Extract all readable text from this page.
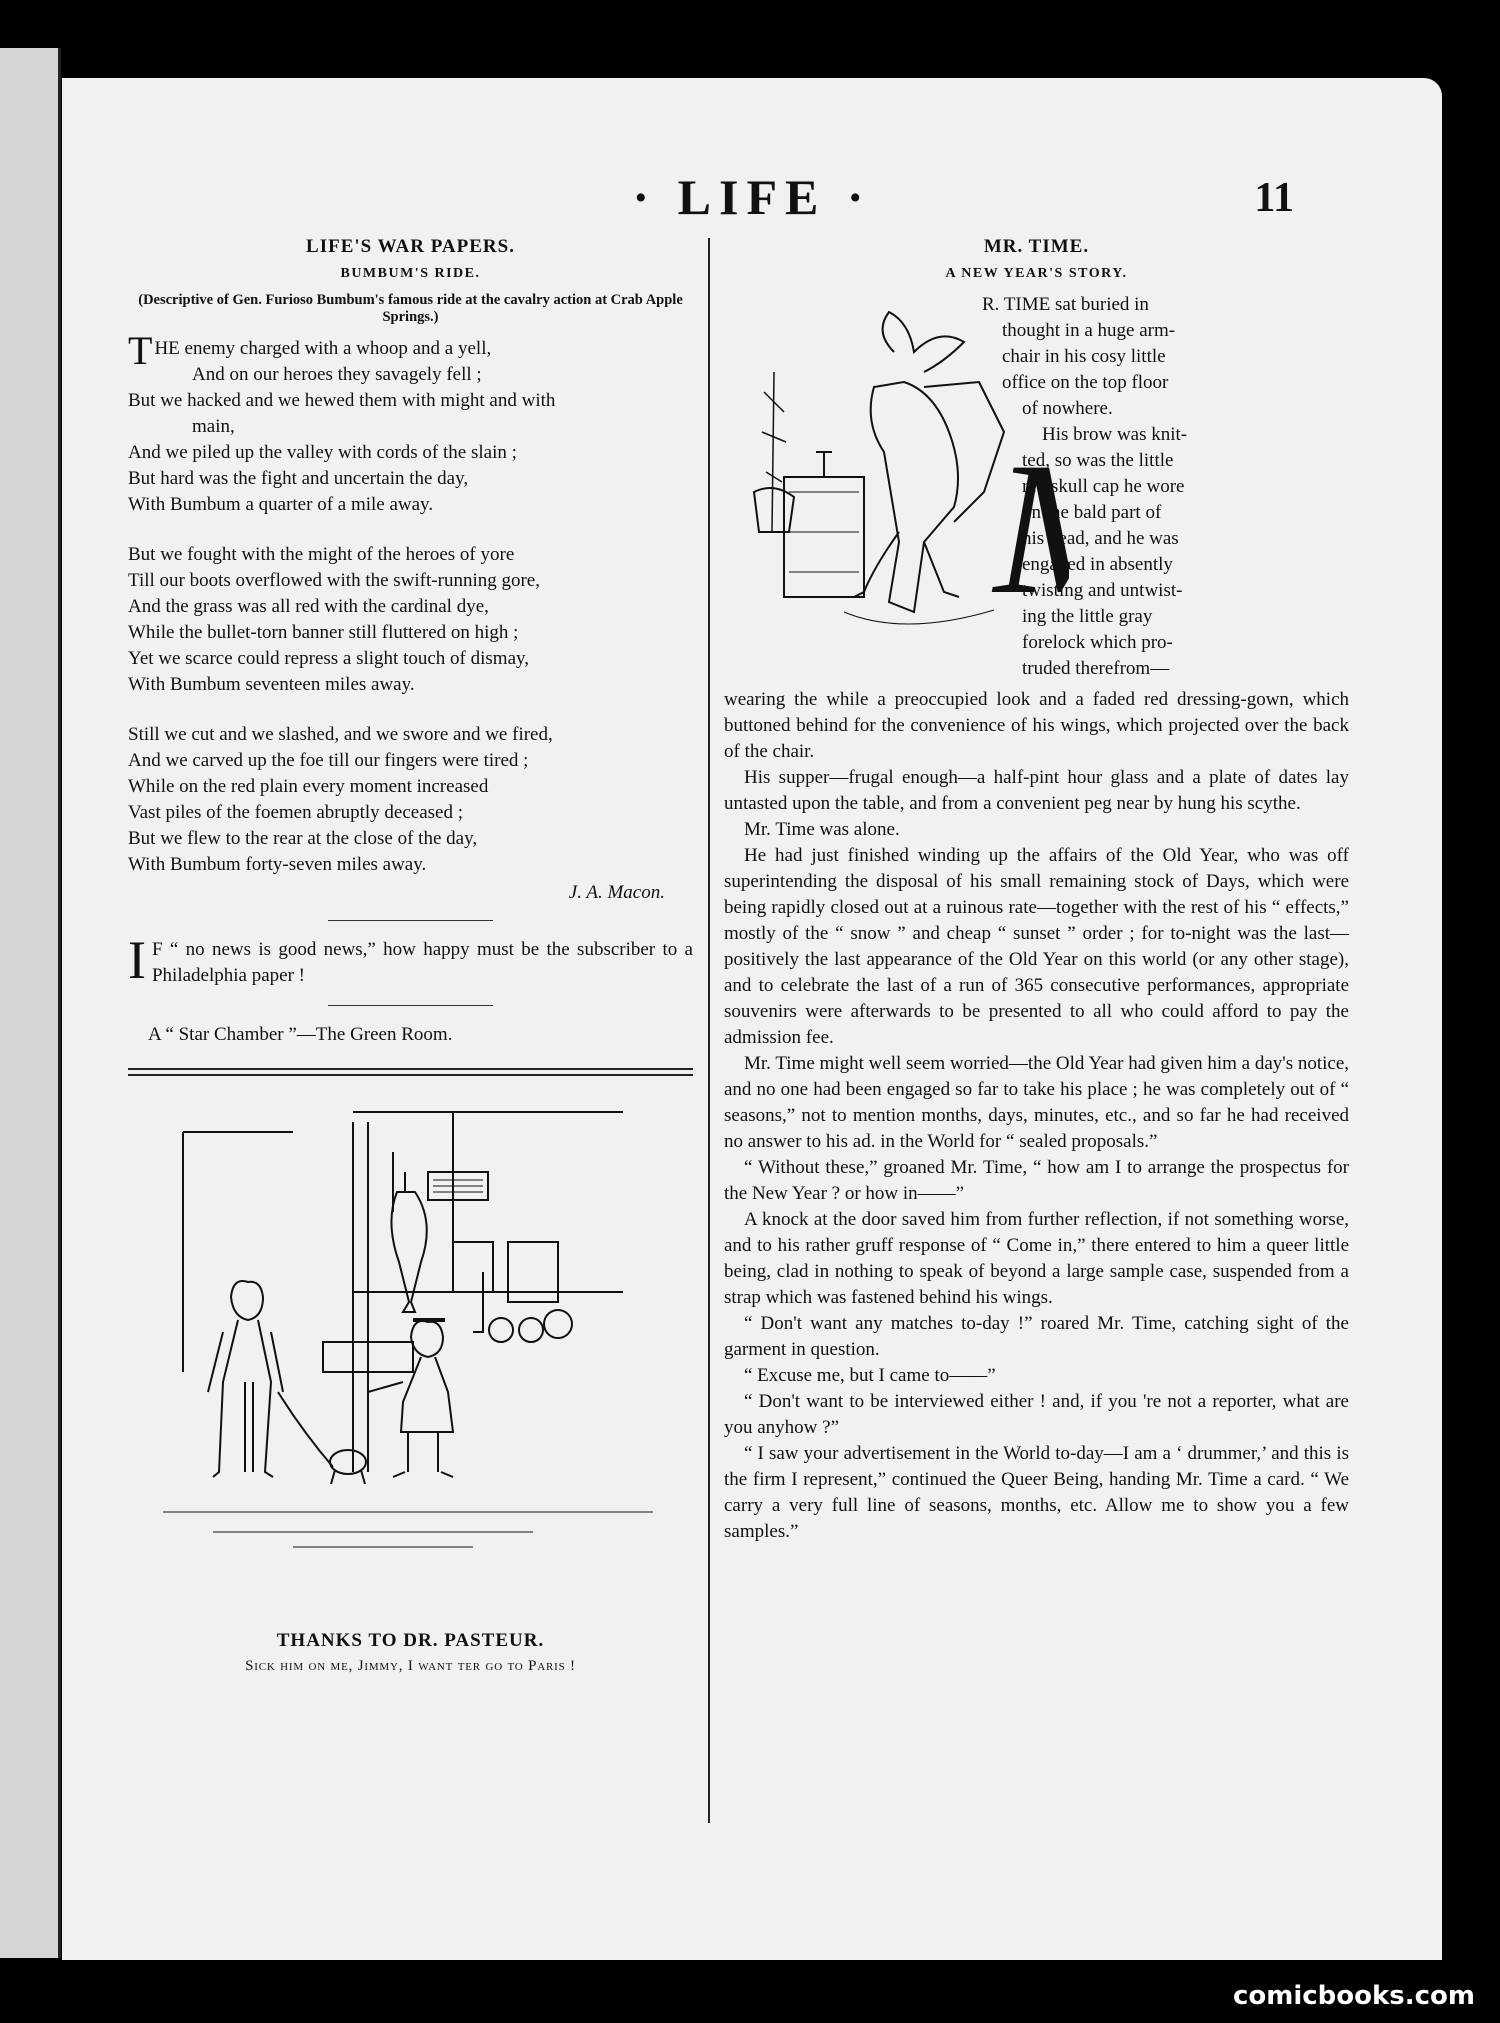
· LIFE ·	11
LIFE'S WAR PAPERS.
BUMBUM'S RIDE.
(Descriptive of Gen. Furioso Bumbum's famous ride at the cavalry action at Crab Apple Springs.)
THE enemy charged with a whoop and a yell,
And on our heroes they savagely fell ;
But we hacked and we hewed them with might and with
main,
And we piled up the valley with cords of the slain ;
But hard was the fight and uncertain the day,
With Bumbum a quarter of a mile away.
But we fought with the might of the heroes of yore
Till our boots overflowed with the swift-running gore,
And the grass was all red with the cardinal dye,
While the bullet-torn banner still fluttered on high ;
Yet we scarce could repress a slight touch of dismay,
With Bumbum seventeen miles away.
Still we cut and we slashed, and we swore and we fired,
And we carved up the foe till our fingers were tired ;
While on the red plain every moment increased
Vast piles of the foemen abruptly deceased ;
But we flew to the rear at the close of the day,
With Bumbum forty-seven miles away.
J. A. Macon.
I F “ no news is good news,” how happy must be the subscriber to a Philadelphia paper !
A “ Star Chamber ”—The Green Room.
THANKS TO DR. PASTEUR.
Sick him on me, Jimmy, I want ter go to Paris !
MR. TIME.
A NEW YEAR'S STORY.
R. TIME sat buried in
thought in a huge arm-
chair in his cosy little
office on the top floor
of nowhere.
His brow was knit-
ted, so was the little
red skull cap he wore
on the bald part of
his head, and he was
engaged in absently
twisting and untwist-
ing the little gray
forelock which pro-
truded therefrom—

wearing the while a preoccupied look and a faded red dressing-gown, which buttoned behind for the convenience of his wings, which projected over the back of the chair.

His supper—frugal enough—a half-pint hour glass and a plate of dates lay untasted upon the table, and from a convenient peg near by hung his scythe.

Mr. Time was alone.

He had just finished winding up the affairs of the Old Year, who was off superintending the disposal of his small remaining stock of Days, which were being rapidly closed out at a ruinous rate—together with the rest of his “ effects,” mostly of the “ snow ” and cheap “ sunset ” order ; for to-night was the last—positively the last appearance of the Old Year on this world (or any other stage), and to celebrate the last of a run of 365 consecutive performances, appropriate souvenirs were afterwards to be presented to all who could afford to pay the admission fee.

Mr. Time might well seem worried—the Old Year had given him a day's notice, and no one had been engaged so far to take his place ; he was completely out of “ seasons,” not to mention months, days, minutes, etc., and so far he had received no answer to his ad. in the World for “ sealed proposals.”

“ Without these,” groaned Mr. Time, “ how am I to arrange the prospectus for the New Year ? or how in——”

A knock at the door saved him from further reflection, if not something worse, and to his rather gruff response of “ Come in,” there entered to him a queer little being, clad in nothing to speak of beyond a large sample case, suspended from a strap which was fastened behind his wings.

“ Don't want any matches to-day !” roared Mr. Time, catching sight of the garment in question.

“ Excuse me, but I came to——”

“ Don't want to be interviewed either ! and, if you 're not a reporter, what are you anyhow ?”

“ I saw your advertisement in the World to-day—I am a ‘ drummer,’ and this is the firm I represent,” continued the Queer Being, handing Mr. Time a card. “ We carry a very full line of seasons, months, etc. Allow me to show you a few samples.”

comicbooks.com
